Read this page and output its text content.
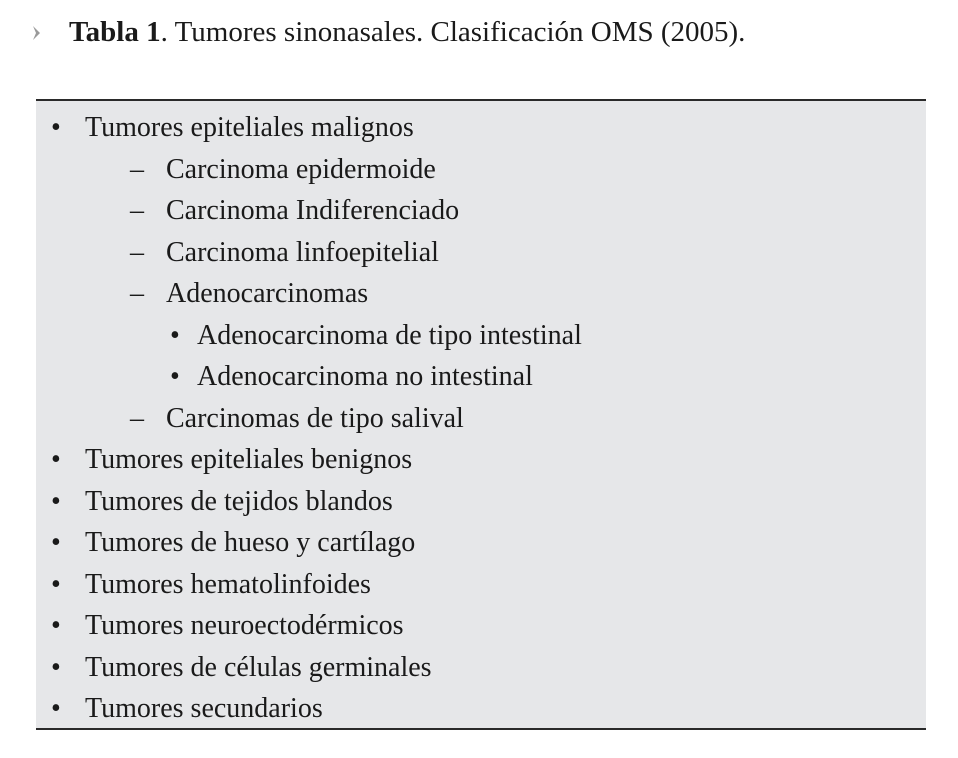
Tabla 1 . Tumores sinonasales. Clasificación OMS (2005).
• Tumores epiteliales malignos
– Carcinoma epidermoide
– Carcinoma Indiferenciado
– Carcinoma linfoepitelial
– Adenocarcinomas
• Adenocarcinoma de tipo intestinal
• Adenocarcinoma no intestinal
– Carcinomas de tipo salival
• Tumores epiteliales benignos
• Tumores de tejidos blandos
• Tumores de hueso y cartílago
• Tumores hematolinfoides
• Tumores neuroectodérmicos
• Tumores de células germinales
• Tumores secundarios
